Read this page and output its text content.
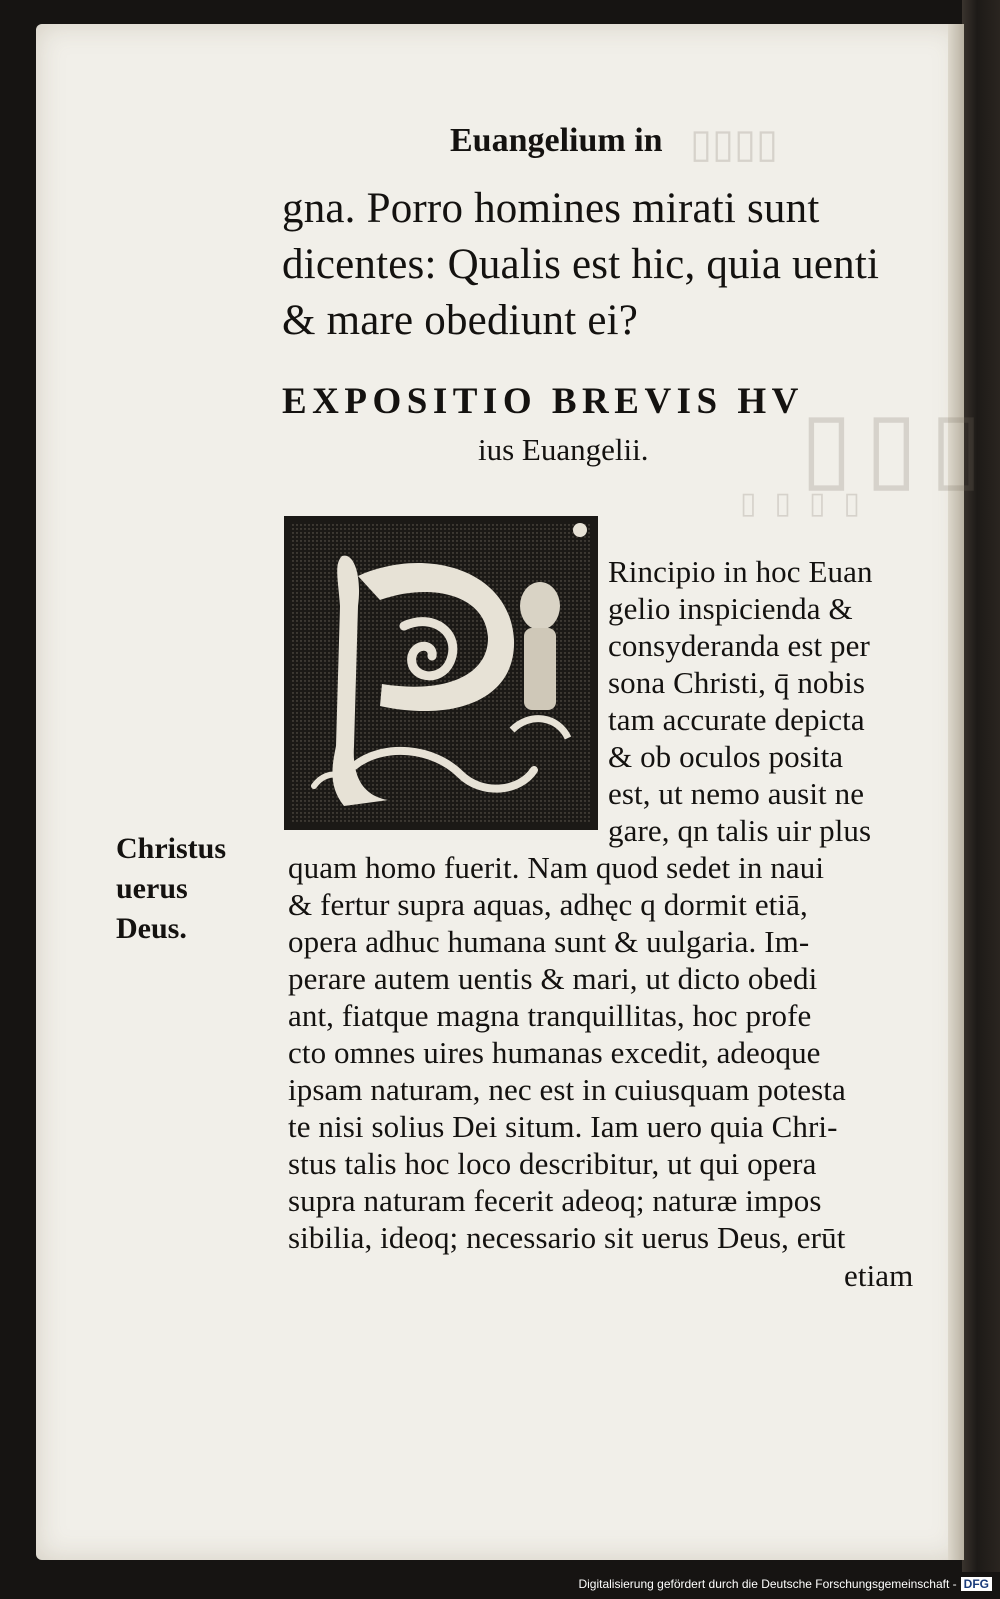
▯▯▯▯
▯▯▯
▯▯▯▯
Euangelium in
gna. Porro homines mirati sunt
dicentes: Qualis est hic, quia uenti
& mare obediunt ei?
EXPOSITIO BREVIS HV
ius Euangelii.
Rincipio in hoc Euan
gelio inspicienda &
consyderanda est per
sona Christi, q̄ nobis
tam accurate depicta
& ob oculos posita
est, ut nemo ausit ne
gare, qn talis uir plus
quam homo fuerit. Nam quod sedet in naui
& fertur supra aquas, adhęc q dormit etiā,
opera adhuc humana sunt & uulgaria. Im-
perare autem uentis & mari, ut dicto obedi
ant, fiatque magna tranquillitas, hoc profe
cto omnes uires humanas excedit, adeoque
ipsam naturam, nec est in cuiusquam potesta
te nisi solius Dei situm. Iam uero quia Chri-
stus talis hoc loco describitur, ut qui opera
supra naturam fecerit adeoq; naturæ impos
sibilia, ideoq; necessario sit uerus Deus, erūt
etiam
Christus
uerus
Deus.
Digitalisierung gefördert durch die Deutsche Forschungsgemeinschaft - DFG
